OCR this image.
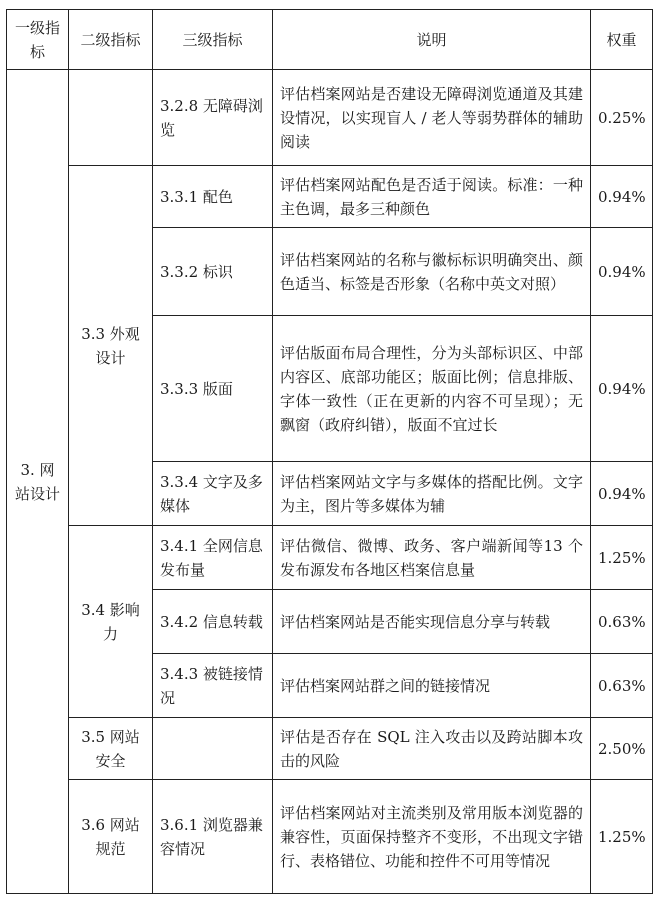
一级指标	二级指标	三级指标	说明	权重
3. 网站设计		3.2.8 无障碍浏览	评估档案网站是否建设无障碍浏览通道及其建设情况，以实现盲人 / 老人等弱势群体的辅助阅读	0.25%
	3.3 外观设计	3.3.1 配色	评估档案网站配色是否适于阅读。标准：一种主色调，最多三种颜色	0.94%
		3.3.2 标识	评估档案网站的名称与徽标标识明确突出、颜色适当、标签是否形象（名称中英文对照）	0.94%
		3.3.3 版面	评估版面布局合理性，分为头部标识区、中部内容区、底部功能区；版面比例；信息排版、字体一致性（正在更新的内容不可呈现）；无飘窗（政府纠错），版面不宜过长	0.94%
		3.3.4 文字及多媒体	评估档案网站文字与多媒体的搭配比例。文字为主，图片等多媒体为辅	0.94%
	3.4 影响力	3.4.1 全网信息发布量	评估微信、微博、政务、客户端新闻等13 个发布源发布各地区档案信息量	1.25%
		3.4.2 信息转载	评估档案网站是否能实现信息分享与转载	0.63%
		3.4.3 被链接情况	评估档案网站群之间的链接情况	0.63%
	3.5 网站安全		评估是否存在 SQL 注入攻击以及跨站脚本攻击的风险	2.50%
	3.6 网站规范	3.6.1 浏览器兼容情况	评估档案网站对主流类别及常用版本浏览器的兼容性，页面保持整齐不变形，不出现文字错行、表格错位、功能和控件不可用等情况	1.25%
